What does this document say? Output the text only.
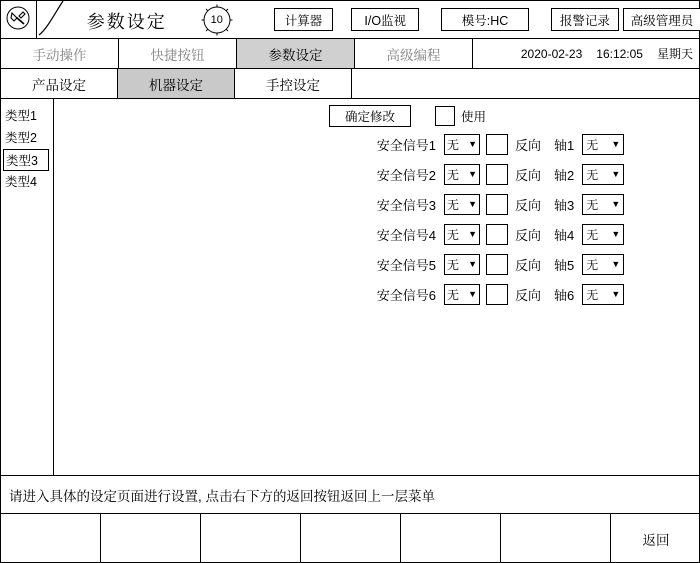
参数设定	10	计算器	I/O监视	模号:HC	报警记录	高级管理员
手动操作	快捷按钮	参数设定	高级编程	2020-02-23 16:12:05 星期天
产品设定	机器设定	手控设定
类型1
类型2
类型3
类型4
确定修改	使用
安全信号1 无 ▼	反向 轴1 无 ▼
安全信号2 无 ▼	反向 轴2 无 ▼
安全信号3 无 ▼	反向 轴3 无 ▼
安全信号4 无 ▼	反向 轴4 无 ▼
安全信号5 无 ▼	反向 轴5 无 ▼
安全信号6 无 ▼	反向 轴6 无 ▼
请进入具体的设定页面进行设置, 点击右下方的返回按钮返回上一层菜单
返回
